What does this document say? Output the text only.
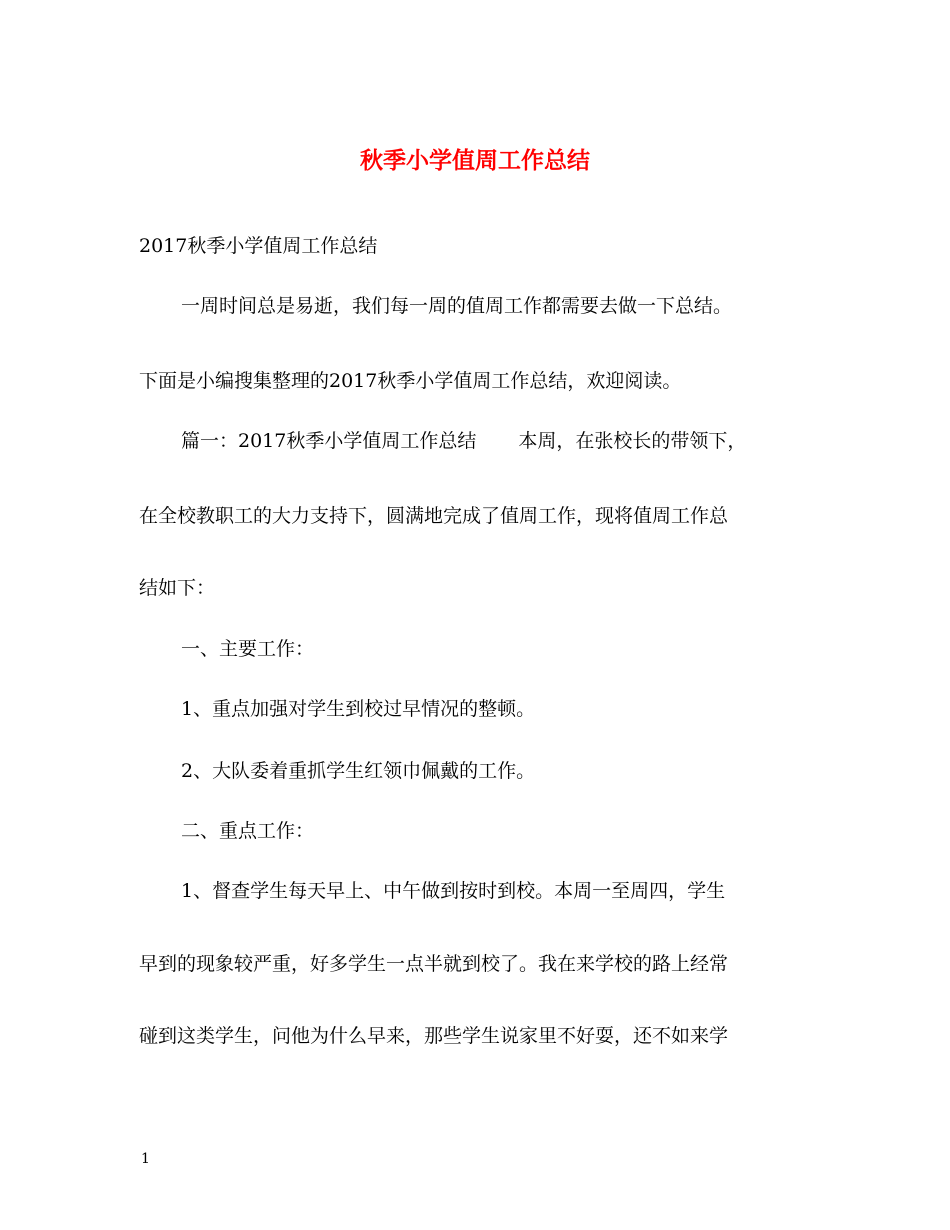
秋季小学值周工作总结
2017秋季小学值周工作总结
一周时间总是易逝，我们每一周的值周工作都需要去做一下总结。
下面是小编搜集整理的2017秋季小学值周工作总结，欢迎阅读。
篇一：2017秋季小学值周工作总结 本周，在张校长的带领下，
在全校教职工的大力支持下，圆满地完成了值周工作，现将值周工作总
结如下：
一、主要工作：
1、重点加强对学生到校过早情况的整顿。
2、大队委着重抓学生红领巾佩戴的工作。
二、重点工作：
1、督查学生每天早上、中午做到按时到校。本周一至周四，学生
早到的现象较严重，好多学生一点半就到校了。我在来学校的路上经常
碰到这类学生，问他为什么早来，那些学生说家里不好耍，还不如来学
1
